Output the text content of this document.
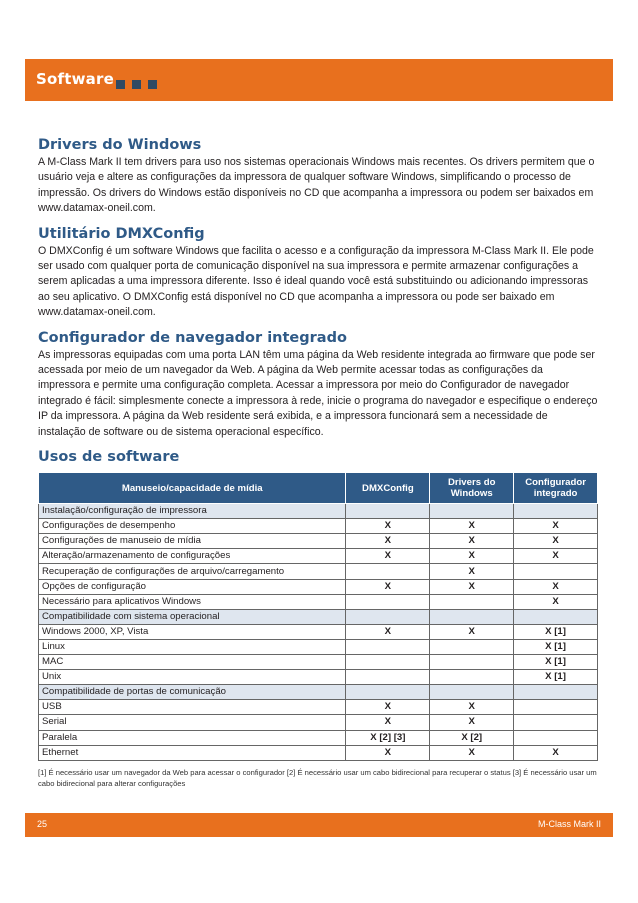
Software
Drivers do Windows

A M-Class Mark II tem drivers para uso nos sistemas operacionais Windows mais recentes. Os drivers permitem que o usuário veja e altere as configurações da impressora de qualquer software Windows, simplificando o processo de impressão. Os drivers do Windows estão disponíveis no CD que acompanha a impressora ou podem ser baixados em www.datamax-oneil.com.

Utilitário DMXConfig

O DMXConfig é um software Windows que facilita o acesso e a configuração da impressora M-Class Mark II. Ele pode ser usado com qualquer porta de comunicação disponível na sua impressora e permite armazenar configurações a serem aplicadas a uma impressora diferente. Isso é ideal quando você está substituindo ou adicionando impressoras ao seu aplicativo. O DMXConfig está disponível no CD que acompanha a impressora ou pode ser baixado em www.datamax-oneil.com.

Configurador de navegador integrado

As impressoras equipadas com uma porta LAN têm uma página da Web residente integrada ao firmware que pode ser acessada por meio de um navegador da Web. A página da Web permite acessar todas as configurações da impressora e permite uma configuração completa. Acessar a impressora por meio do Configurador de navegador integrado é fácil: simplesmente conecte a impressora à rede, inicie o programa do navegador e especifique o endereço IP da impressora. A página da Web residente será exibida, e a impressora funcionará sem a necessidade de instalação de software ou de sistema operacional específico.

Usos de software
Manuseio/capacidade de mídia	DMXConfig	Drivers do Windows	Configurador integrado
Instalação/configuração de impressora			
Configurações de desempenho	X	X	X
Configurações de manuseio de mídia	X	X	X
Alteração/armazenamento de configurações	X	X	X
Recuperação de configurações de arquivo/carregamento		X	
Opções de configuração	X	X	X
Necessário para aplicativos Windows			X
Compatibilidade com sistema operacional			
Windows 2000, XP, Vista	X	X	X [1]
Linux			X [1]
MAC			X [1]
Unix			X [1]
Compatibilidade de portas de comunicação			
USB	X	X	
Serial	X	X	
Paralela	X [2] [3]	X [2]	
Ethernet	X	X	X
[1] É necessário usar um navegador da Web para acessar o configurador [2] É necessário usar um cabo bidirecional para recuperar o status [3] É necessário usar um cabo bidirecional para alterar configurações
25	M-Class Mark II
